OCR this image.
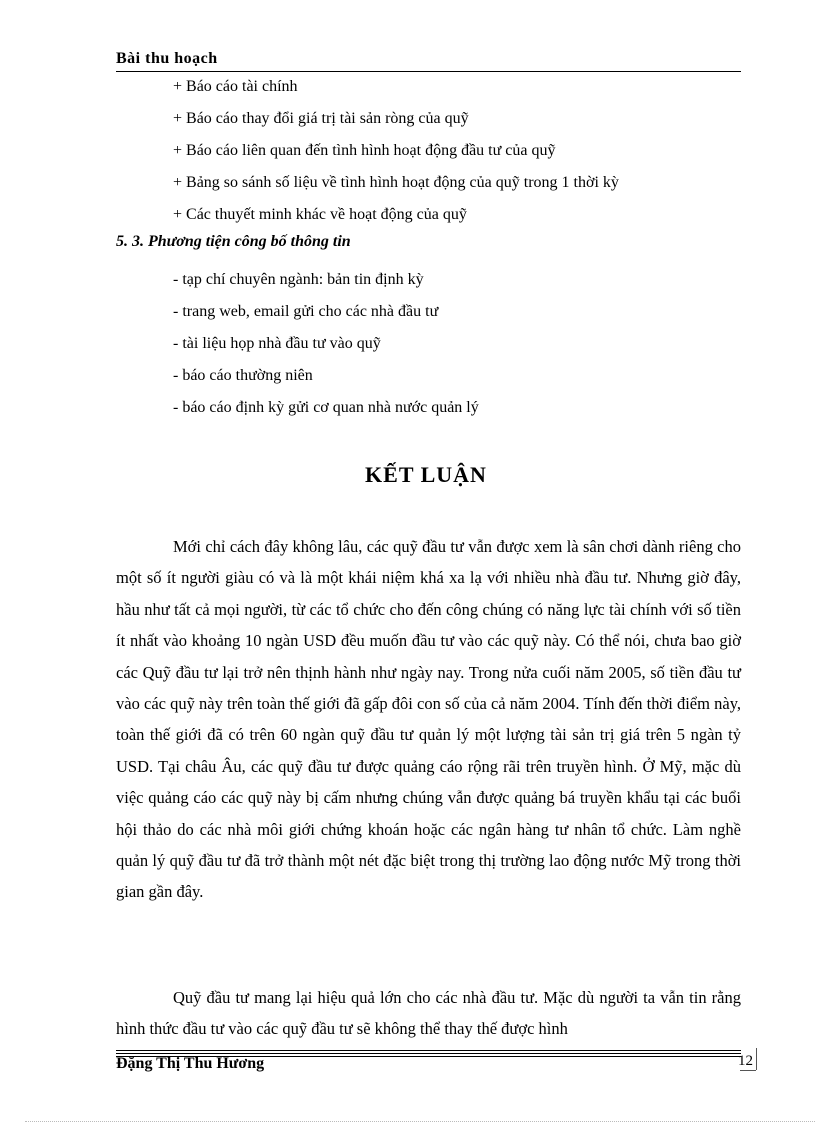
Bài thu hoạch
+ Báo cáo tài chính
+ Báo cáo thay đổi giá trị tài sản ròng của quỹ
+ Báo cáo liên quan đến tình hình hoạt động đầu tư của quỹ
+ Bảng so sánh số liệu về tình hình hoạt động của quỹ trong 1 thời kỳ
+ Các thuyết minh khác về hoạt động của quỹ
5. 3. Phương tiện công bố thông tin
- tạp chí chuyên ngành: bản tin định kỳ
- trang web, email gửi cho các nhà đầu tư
- tài liệu họp nhà đầu tư vào quỹ
- báo cáo thường niên
- báo cáo định kỳ gửi cơ quan nhà nước quản lý
KẾT LUẬN

Mới chỉ cách đây không lâu, các quỹ đầu tư vẫn được xem là sân chơi dành riêng cho một số ít người giàu có và là một khái niệm khá xa lạ với nhiều nhà đầu tư. Nhưng giờ đây, hầu như tất cả mọi người, từ các tổ chức cho đến công chúng có năng lực tài chính với số tiền ít nhất vào khoảng 10 ngàn USD đều muốn đầu tư vào các quỹ này. Có thể nói, chưa bao giờ các Quỹ đầu tư lại trở nên thịnh hành như ngày nay. Trong nửa cuối năm 2005, số tiền đầu tư vào các quỹ này trên toàn thế giới đã gấp đôi con số của cả năm 2004. Tính đến thời điểm này, toàn thế giới đã có trên 60 ngàn quỹ đầu tư quản lý một lượng tài sản trị giá trên 5 ngàn tỷ USD. Tại châu Âu, các quỹ đầu tư được quảng cáo rộng rãi trên truyền hình. Ở Mỹ, mặc dù việc quảng cáo các quỹ này bị cấm nhưng chúng vẫn được quảng bá truyền khẩu tại các buổi hội thảo do các nhà môi giới chứng khoán hoặc các ngân hàng tư nhân tổ chức. Làm nghề quản lý quỹ đầu tư đã trở thành một nét đặc biệt trong thị trường lao động nước Mỹ trong thời gian gần đây.

Quỹ đầu tư mang lại hiệu quả lớn cho các nhà đầu tư. Mặc dù người ta vẫn tin rằng hình thức đầu tư vào các quỹ đầu tư sẽ không thể thay thế được hình

Đặng Thị Thu Hương	12
